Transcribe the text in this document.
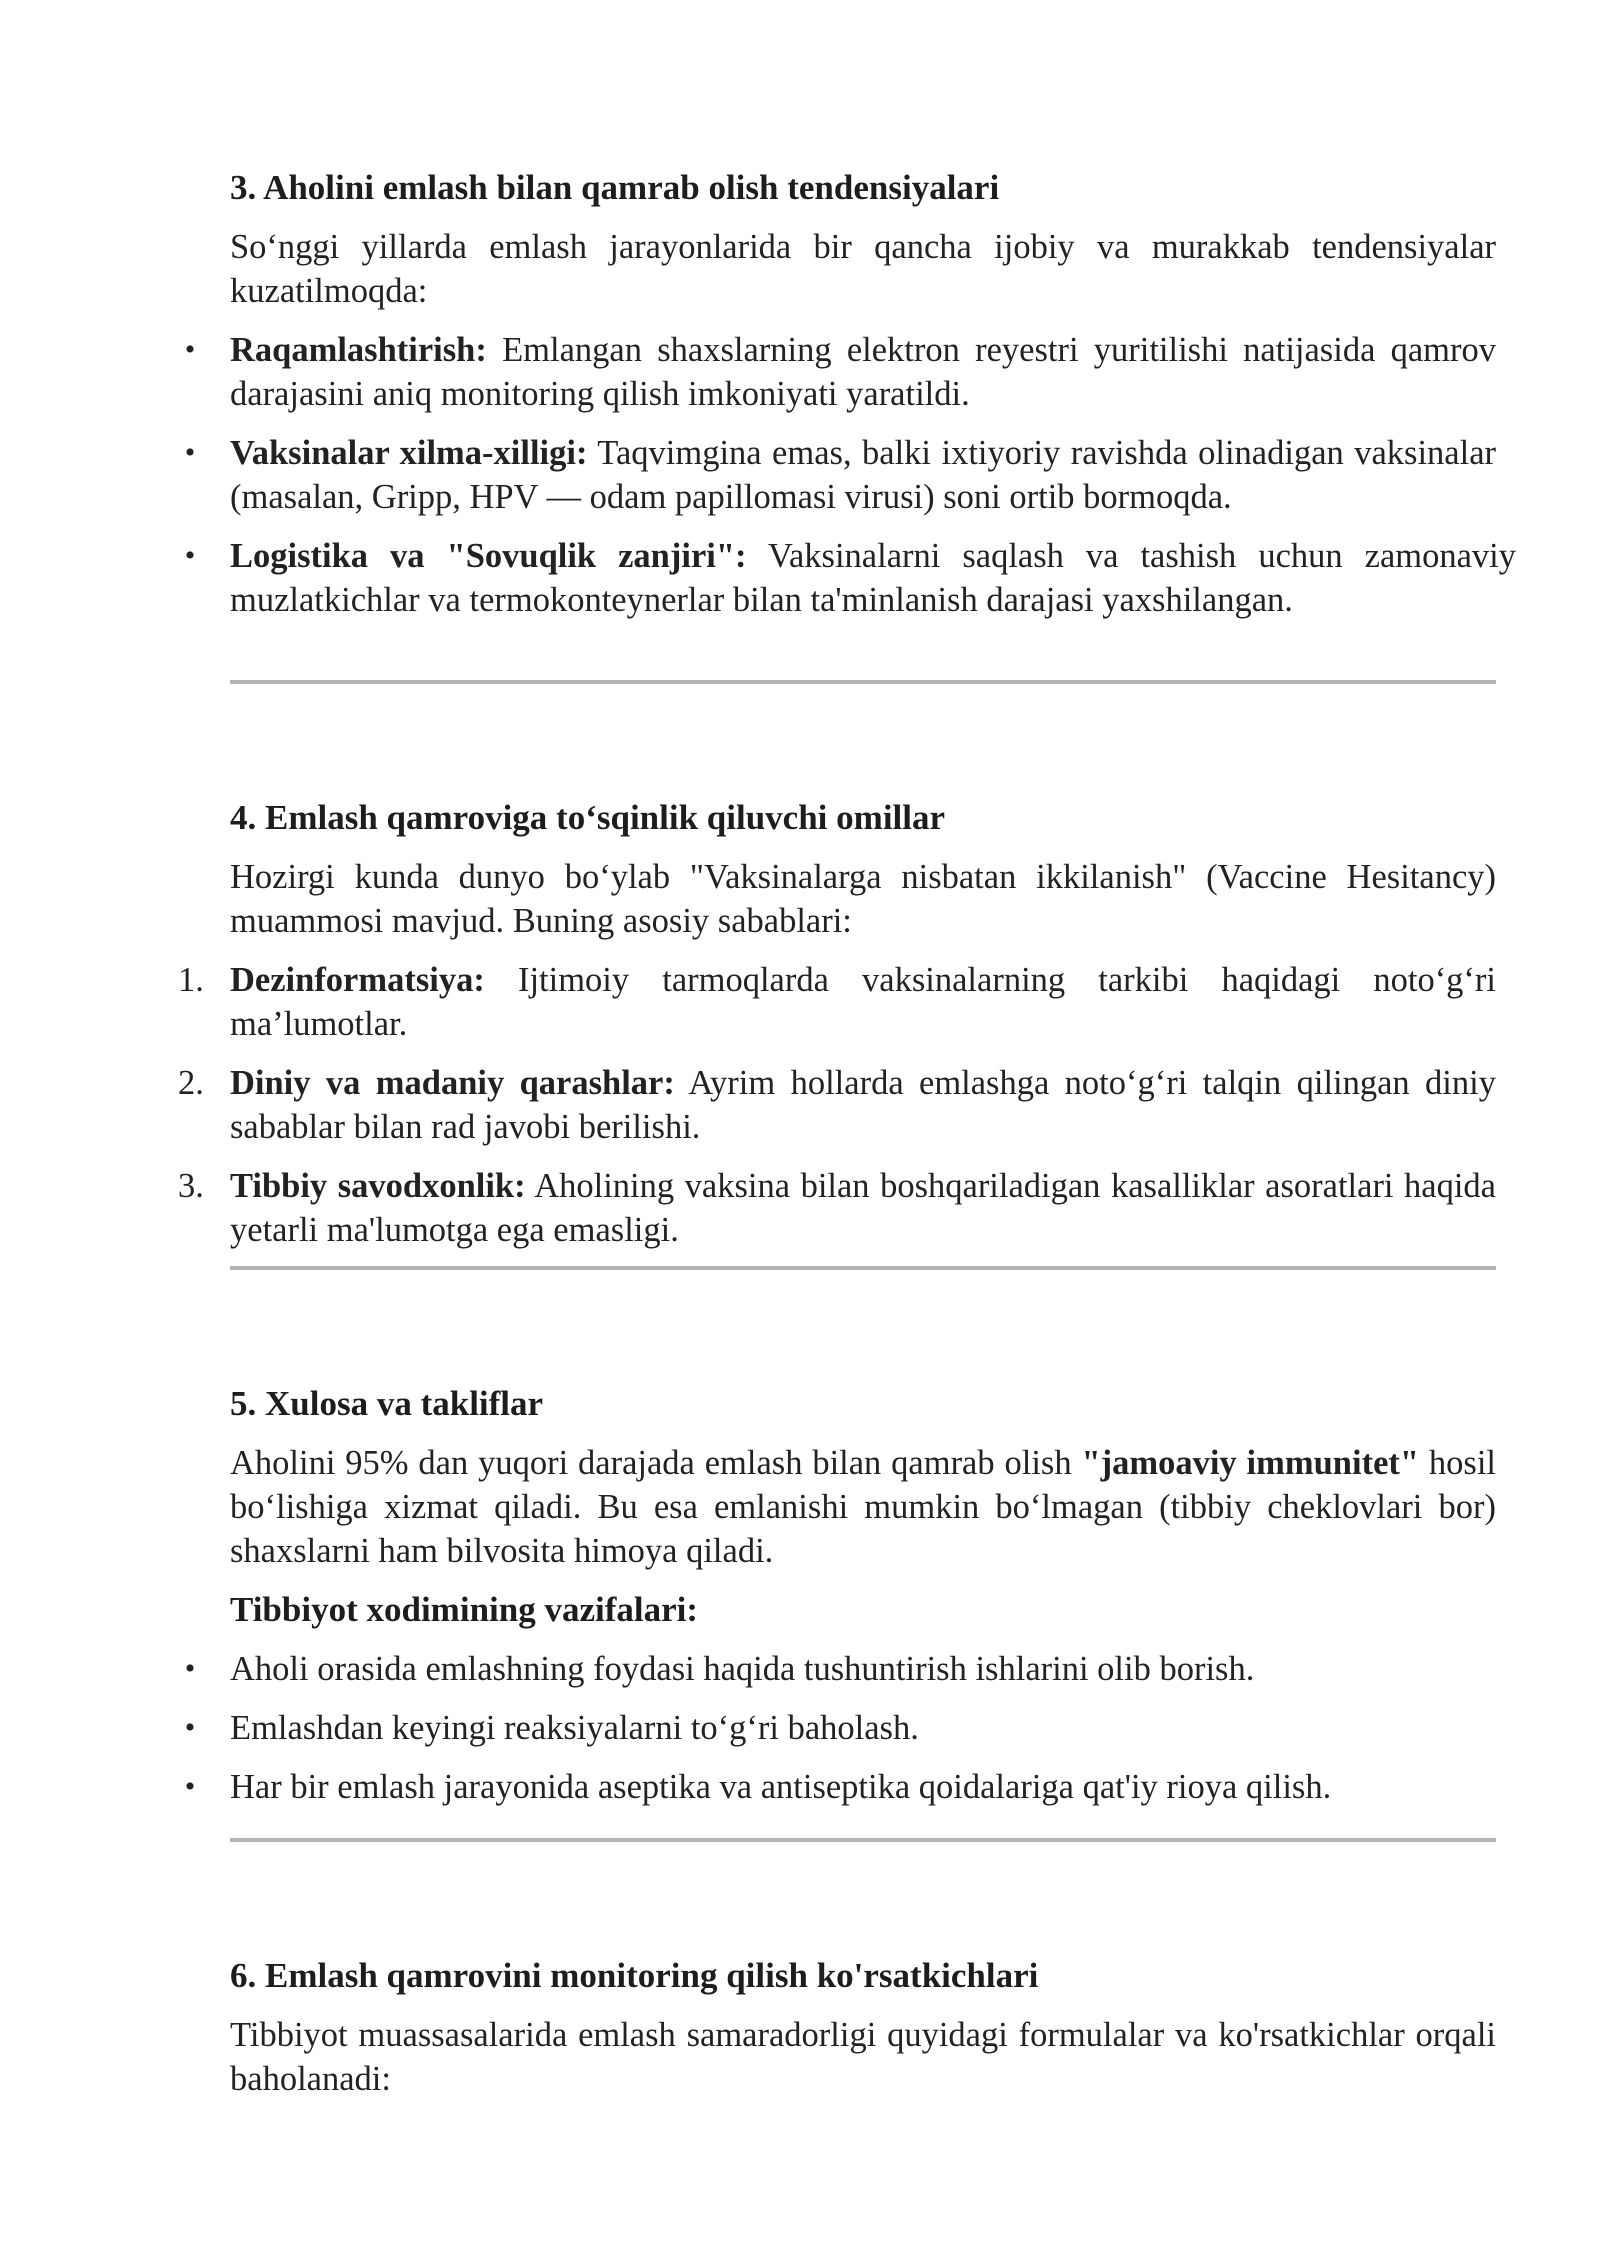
3. Aholini emlash bilan qamrab olish tendensiyalari

So‘nggi yillarda emlash jarayonlarida bir qancha ijobiy va murakkab tendensiyalar kuzatilmoqda:

• Raqamlashtirish: Emlangan shaxslarning elektron reyestri yuritilishi natijasida qamrov darajasini aniq monitoring qilish imkoniyati yaratildi.
• Vaksinalar xilma-xilligi: Taqvimgina emas, balki ixtiyoriy ravishda olinadigan vaksinalar (masalan, Gripp, HPV — odam papillomasi virusi) soni ortib bormoqda.
• Logistika va "Sovuqlik zanjiri": Vaksinalarni saqlash va tashish uchun zamonaviy muzlatkichlar va termokonteynerlar bilan ta'minlanish darajasi yaxshilangan.
4. Emlash qamroviga to‘sqinlik qiluvchi omillar

Hozirgi kunda dunyo bo‘ylab "Vaksinalarga nisbatan ikkilanish" (Vaccine Hesitancy) muammosi mavjud. Buning asosiy sabablari:

1. Dezinformatsiya: Ijtimoiy tarmoqlarda vaksinalarning tarkibi haqidagi noto‘g‘ri ma’lumotlar.
2. Diniy va madaniy qarashlar: Ayrim hollarda emlashga noto‘g‘ri talqin qilingan diniy sabablar bilan rad javobi berilishi.
3. Tibbiy savodxonlik: Aholining vaksina bilan boshqariladigan kasalliklar asoratlari haqida yetarli ma'lumotga ega emasligi.
5. Xulosa va takliflar

Aholini 95% dan yuqori darajada emlash bilan qamrab olish "jamoaviy immunitet" hosil bo‘lishiga xizmat qiladi. Bu esa emlanishi mumkin bo‘lmagan (tibbiy cheklovlari bor) shaxslarni ham bilvosita himoya qiladi.

Tibbiyot xodimining vazifalari:
• Aholi orasida emlashning foydasi haqida tushuntirish ishlarini olib borish.
• Emlashdan keyingi reaksiyalarni to‘g‘ri baholash.
• Har bir emlash jarayonida aseptika va antiseptika qoidalariga qat'iy rioya qilish.
6. Emlash qamrovini monitoring qilish ko'rsatkichlari

Tibbiyot muassasalarida emlash samaradorligi quyidagi formulalar va ko'rsatkichlar orqali baholanadi:
